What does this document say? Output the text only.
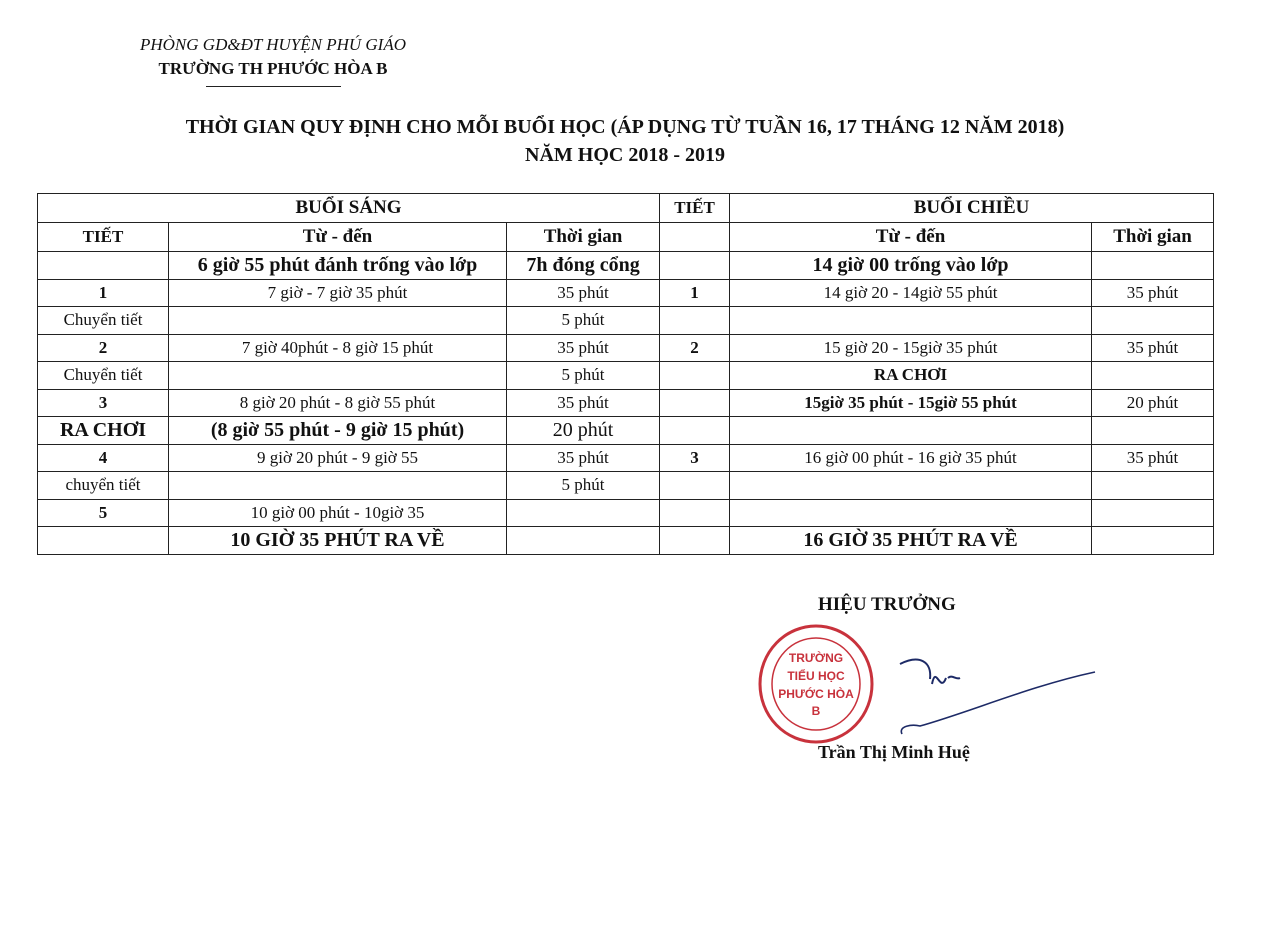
PHÒNG GD&ĐT HUYỆN PHÚ GIÁO
TRƯỜNG TH PHƯỚC HÒA B
THỜI GIAN QUY ĐỊNH CHO MỖI BUỔI HỌC (ÁP DỤNG TỪ TUẦN 16, 17 THÁNG 12 NĂM 2018)
NĂM HỌC 2018 - 2019
BUỔI SÁNG			TIẾT	BUỔI CHIỀU	
TIẾT	Từ - đến	Thời gian		Từ - đến	Thời gian
	6 giờ 55 phút đánh trống vào lớp	7h đóng cổng		14 giờ 00 trống vào lớp	
1	7 giờ - 7 giờ 35 phút	35 phút	1	14 giờ 20 - 14giờ 55 phút	35 phút
Chuyển tiết		5 phút			
2	7 giờ 40phút - 8 giờ 15 phút	35 phút	2	15 giờ 20 - 15giờ 35 phút	35 phút
Chuyển tiết		5 phút		RA CHƠI	
3	8 giờ 20 phút - 8 giờ 55 phút	35 phút		15giờ 35 phút - 15giờ 55 phút	20 phút
RA CHƠI	(8 giờ 55 phút - 9 giờ 15 phút)	20 phút			
4	9 giờ 20 phút - 9 giờ 55	35 phút	3	16 giờ 00 phút - 16 giờ 35 phút	35 phút
chuyển tiết		5 phút			
5	10 giờ 00 phút - 10giờ 35				
	10 GIỜ 35 PHÚT RA VỀ			16 GIỜ 35 PHÚT RA VỀ	
HIỆU TRƯỞNG
TRƯỜNG
TIỂU HỌC
PHƯỚC HÒA
B
Trần Thị Minh Huệ
